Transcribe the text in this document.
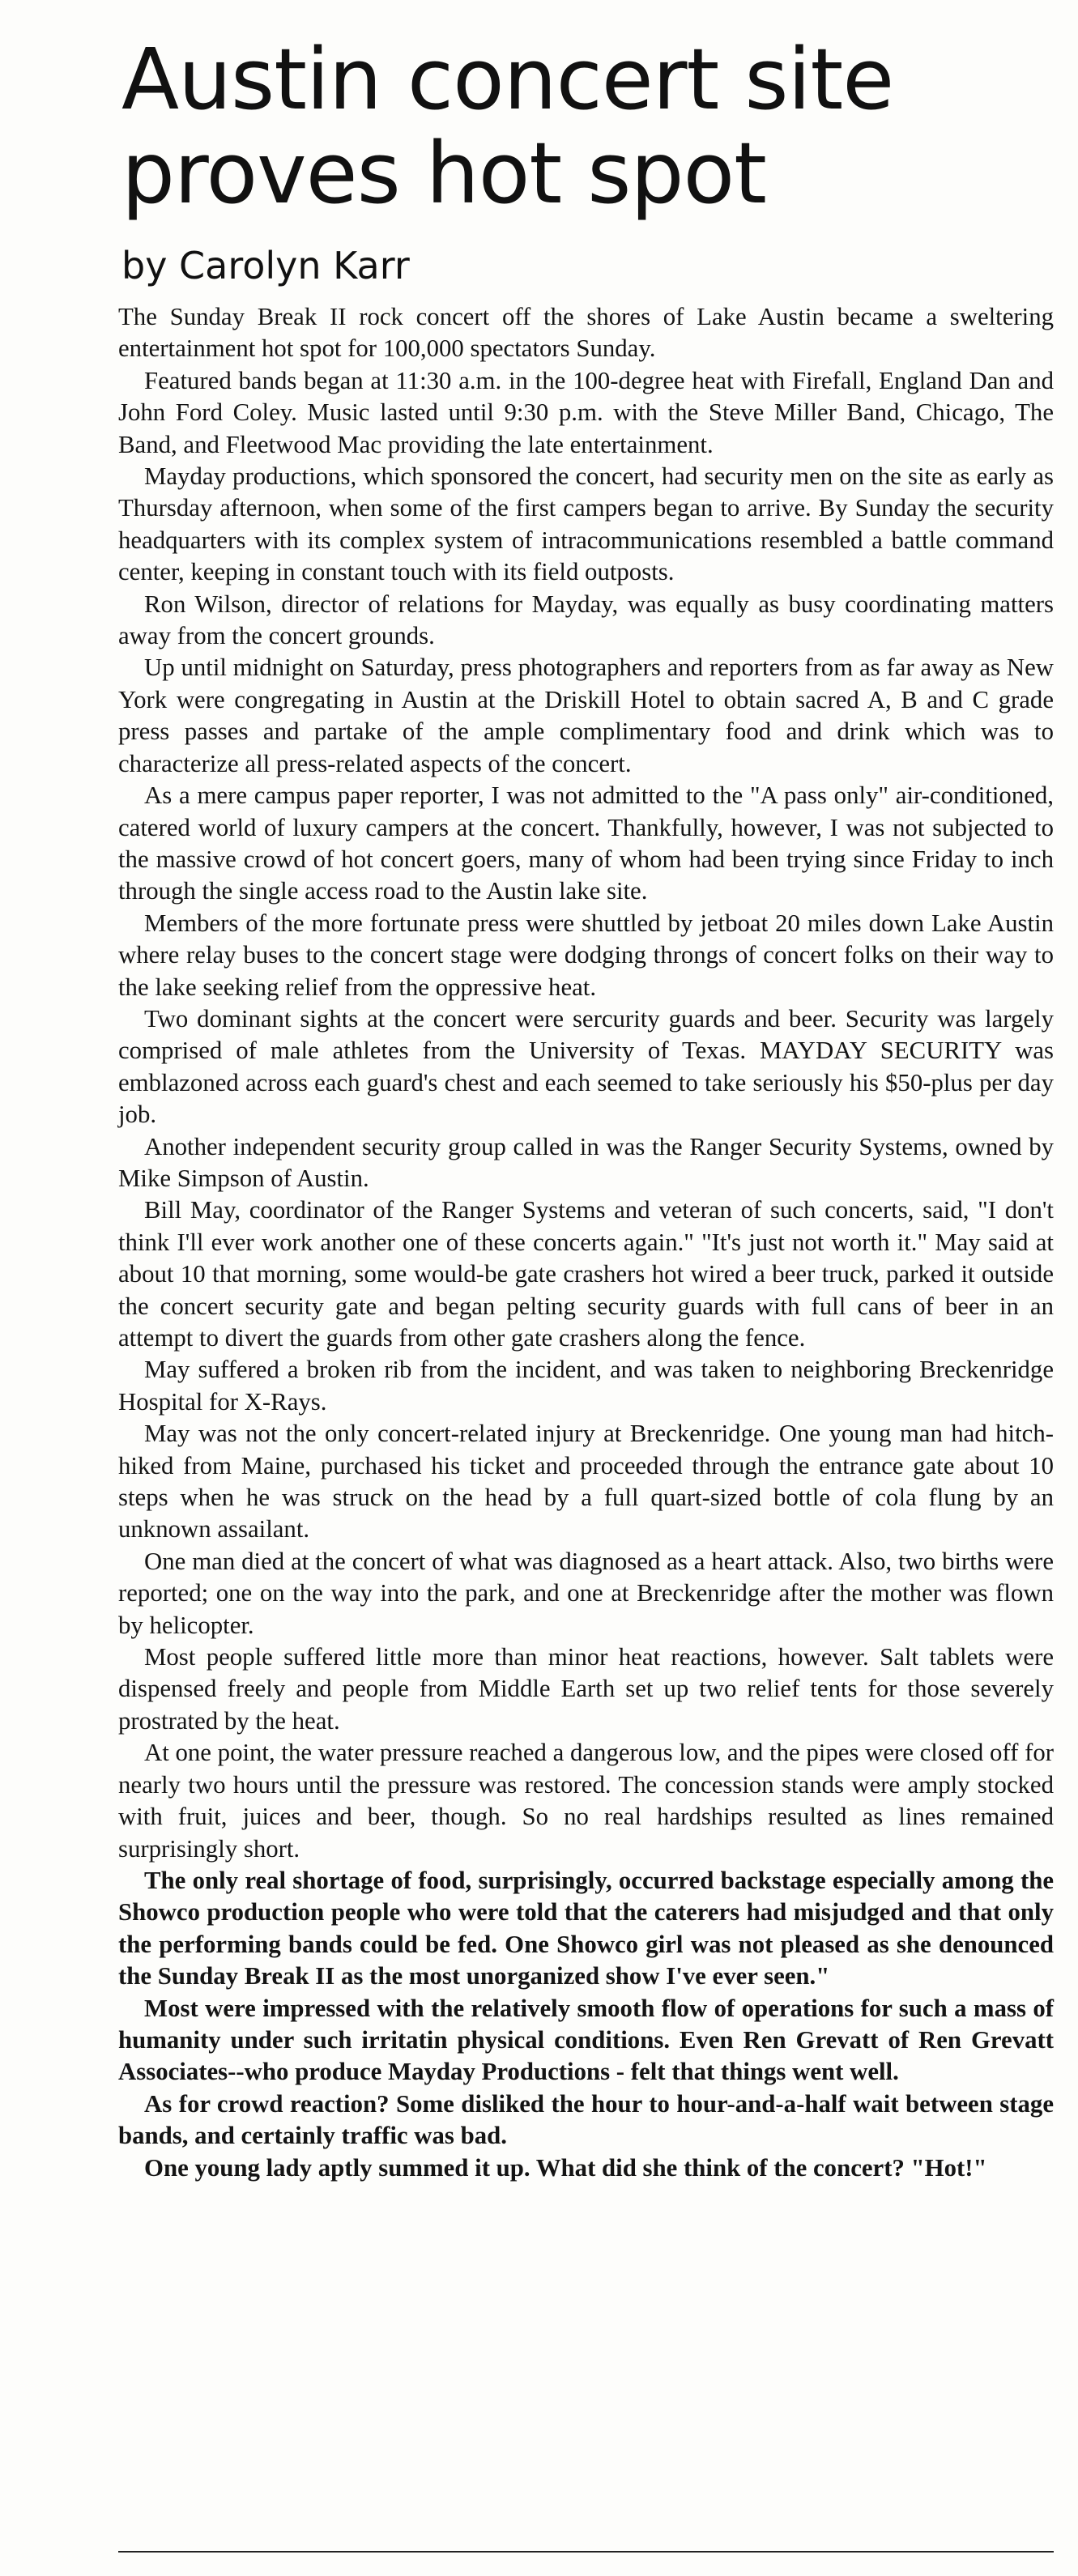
Austin concert site
proves hot spot
by Carolyn Karr

The Sunday Break II rock concert off the shores of Lake Austin became a sweltering entertainment hot spot for 100,000 spectators Sunday.

Featured bands began at 11:30 a.m. in the 100-degree heat with Firefall, England Dan and John Ford Coley. Music lasted until 9:30 p.m. with the Steve Miller Band, Chicago, The Band, and Fleetwood Mac providing the late entertainment.

Mayday productions, which sponsored the concert, had security men on the site as early as Thursday afternoon, when some of the first campers began to arrive. By Sunday the security headquarters with its complex system of intracommunications resembled a battle command center, keeping in constant touch with its field outposts.

Ron Wilson, director of relations for Mayday, was equally as busy coordinating matters away from the concert grounds.

Up until midnight on Saturday, press photographers and reporters from as far away as New York were congregating in Austin at the Driskill Hotel to obtain sacred A, B and C grade press passes and partake of the ample complimentary food and drink which was to characterize all press-related aspects of the concert.

As a mere campus paper reporter, I was not admitted to the "A pass only" air-conditioned, catered world of luxury campers at the concert. Thankfully, however, I was not subjected to the massive crowd of hot concert goers, many of whom had been trying since Friday to inch through the single access road to the Austin lake site.

Members of the more fortunate press were shuttled by jetboat 20 miles down Lake Austin where relay buses to the concert stage were dodging throngs of concert folks on their way to the lake seeking relief from the oppressive heat.

Two dominant sights at the concert were sercurity guards and beer. Security was largely comprised of male athletes from the University of Texas. MAYDAY SECURITY was emblazoned across each guard's chest and each seemed to take seriously his $50-plus per day job.

Another independent security group called in was the Ranger Security Systems, owned by Mike Simpson of Austin.

Bill May, coordinator of the Ranger Systems and veteran of such concerts, said, "I don't think I'll ever work another one of these concerts again." "It's just not worth it." May said at about 10 that morning, some would-be gate crashers hot wired a beer truck, parked it outside the concert security gate and began pelting security guards with full cans of beer in an attempt to divert the guards from other gate crashers along the fence.

May suffered a broken rib from the incident, and was taken to neighboring Breckenridge Hospital for X-Rays.

May was not the only concert-related injury at Breckenridge. One young man had hitch-hiked from Maine, purchased his ticket and proceeded through the entrance gate about 10 steps when he was struck on the head by a full quart-sized bottle of cola flung by an unknown assailant.

One man died at the concert of what was diagnosed as a heart attack. Also, two births were reported; one on the way into the park, and one at Breckenridge after the mother was flown by helicopter.

Most people suffered little more than minor heat reactions, however. Salt tablets were dispensed freely and people from Middle Earth set up two relief tents for those severely prostrated by the heat.

At one point, the water pressure reached a dangerous low, and the pipes were closed off for nearly two hours until the pressure was restored. The concession stands were amply stocked with fruit, juices and beer, though. So no real hardships resulted as lines remained surprisingly short.

The only real shortage of food, surprisingly, occurred backstage especially among the Showco production people who were told that the caterers had misjudged and that only the performing bands could be fed. One Showco girl was not pleased as she denounced the Sunday Break II as the most unorganized show I've ever seen."

Most were impressed with the relatively smooth flow of operations for such a mass of humanity under such irritatin physical conditions. Even Ren Grevatt of Ren Grevatt Associates--who produce Mayday Productions - felt that things went well.

As for crowd reaction? Some disliked the hour to hour-and-a-half wait between stage bands, and certainly traffic was bad.

One young lady aptly summed it up. What did she think of the concert? "Hot!"
